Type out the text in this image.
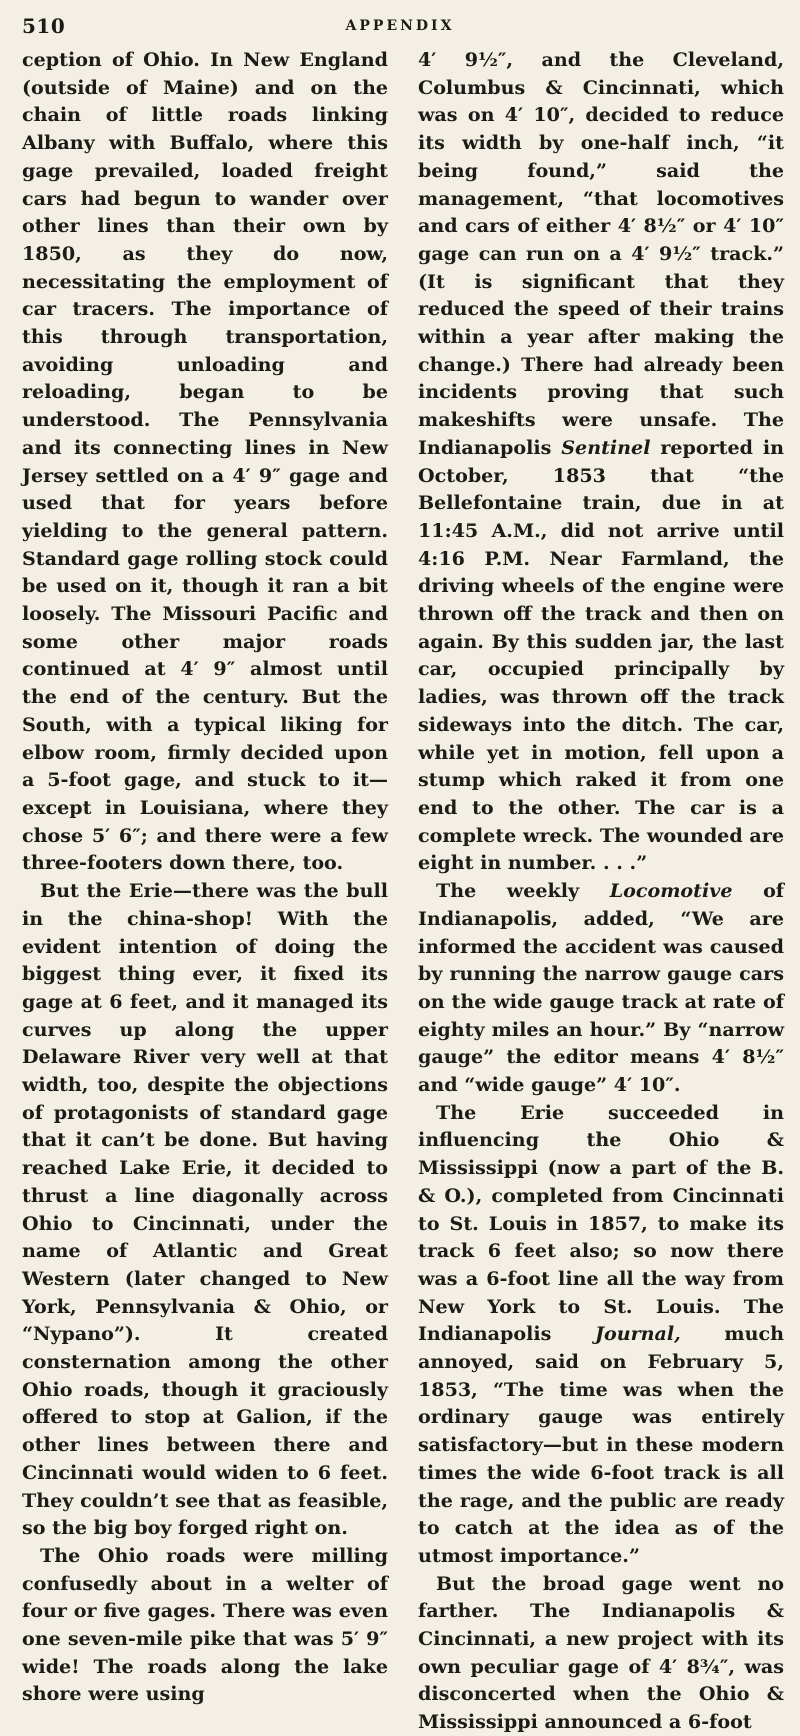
510	APPENDIX

ception of Ohio. In New England (outside of Maine) and on the chain of little roads linking Albany with Buffalo, where this gage prevailed, loaded freight cars had begun to wander over other lines than their own by 1850, as they do now, necessitating the employment of car tracers. The importance of this through transportation, avoiding unloading and reloading, began to be understood. The Pennsylvania and its connecting lines in New Jersey settled on a 4′ 9″ gage and used that for years before yielding to the general pattern. Standard gage rolling stock could be used on it, though it ran a bit loosely. The Missouri Pacific and some other major roads continued at 4′ 9″ almost until the end of the century. But the South, with a typical liking for elbow room, firmly decided upon a 5-foot gage, and stuck to it—except in Louisiana, where they chose 5′ 6″; and there were a few three-footers down there, too.

But the Erie—there was the bull in the china-shop! With the evident intention of doing the biggest thing ever, it fixed its gage at 6 feet, and it managed its curves up along the upper Delaware River very well at that width, too, despite the objections of protagonists of standard gage that it can’t be done. But having reached Lake Erie, it decided to thrust a line diagonally across Ohio to Cincinnati, under the name of Atlantic and Great Western (later changed to New York, Pennsylvania & Ohio, or “Nypano”). It created consternation among the other Ohio roads, though it graciously offered to stop at Galion, if the other lines between there and Cincinnati would widen to 6 feet. They couldn’t see that as feasible, so the big boy forged right on.

The Ohio roads were milling confusedly about in a welter of four or five gages. There was even one seven-mile pike that was 5′ 9″ wide! The roads along the lake shore were using

4′ 9½″, and the Cleveland, Columbus & Cincinnati, which was on 4′ 10″, decided to reduce its width by one-half inch, “it being found,” said the management, “that locomotives and cars of either 4′ 8½″ or 4′ 10″ gage can run on a 4′ 9½″ track.” (It is significant that they reduced the speed of their trains within a year after making the change.) There had already been incidents proving that such makeshifts were unsafe. The Indianapolis Sentinel reported in October, 1853 that “the Bellefontaine train, due in at 11:45 A.M., did not arrive until 4:16 P.M. Near Farmland, the driving wheels of the engine were thrown off the track and then on again. By this sudden jar, the last car, occupied principally by ladies, was thrown off the track sideways into the ditch. The car, while yet in motion, fell upon a stump which raked it from one end to the other. The car is a complete wreck. The wounded are eight in number. . . .”

The weekly Locomotive of Indianapolis, added, “We are informed the accident was caused by running the narrow gauge cars on the wide gauge track at rate of eighty miles an hour.” By “narrow gauge” the editor means 4′ 8½″ and “wide gauge” 4′ 10″.

The Erie succeeded in influencing the Ohio & Mississippi (now a part of the B. & O.), completed from Cincinnati to St. Louis in 1857, to make its track 6 feet also; so now there was a 6-foot line all the way from New York to St. Louis. The Indianapolis Journal, much annoyed, said on February 5, 1853, “The time was when the ordinary gauge was entirely satisfactory—but in these modern times the wide 6-foot track is all the rage, and the public are ready to catch at the idea as of the utmost importance.”

But the broad gage went no farther. The Indianapolis & Cincinnati, a new project with its own peculiar gage of 4′ 8¾″, was disconcerted when the Ohio & Mississippi announced a 6-foot
